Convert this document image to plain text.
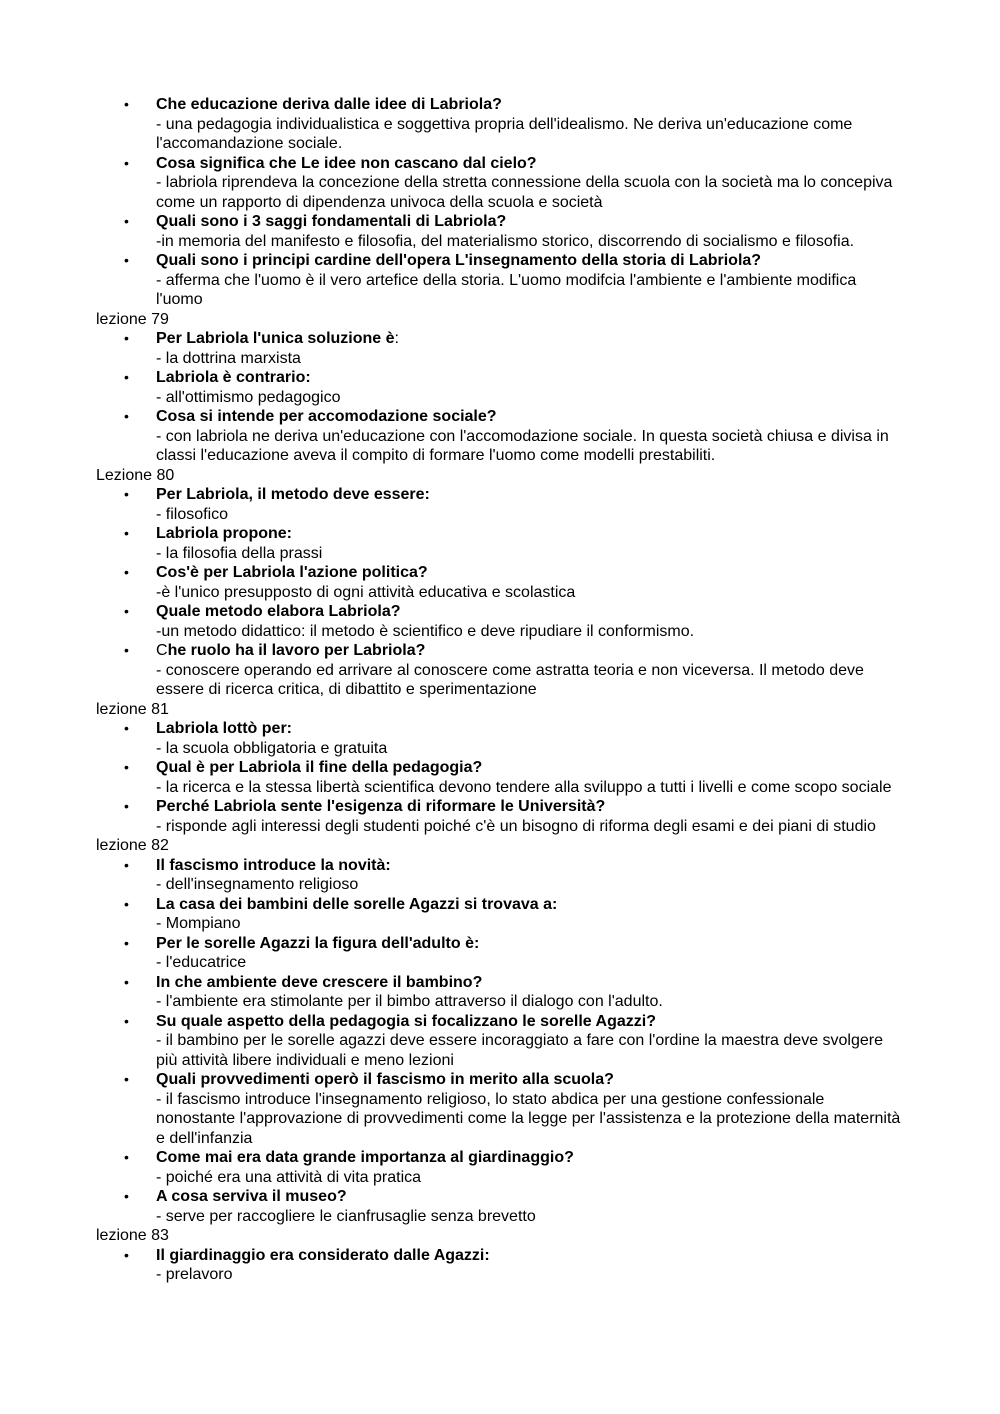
• Che educazione deriva dalle idee di Labriola?
- una pedagogia individualistica e soggettiva propria dell'idealismo. Ne deriva un'educazione come l'accomandazione sociale.
• Cosa significa che Le idee non cascano dal cielo?
- labriola riprendeva la concezione della stretta connessione della scuola con la società ma lo concepiva come un rapporto di dipendenza univoca della scuola e società
• Quali sono i 3 saggi fondamentali di Labriola?
-in memoria del manifesto e filosofia, del materialismo storico, discorrendo di socialismo e filosofia.
• Quali sono i principi cardine dell'opera L'insegnamento della storia di Labriola?
- afferma che l'uomo è il vero artefice della storia. L'uomo modifcia l'ambiente e l'ambiente modifica l'uomo
lezione 79
• Per Labriola l'unica soluzione è:
- la dottrina marxista
• Labriola è contrario:
- all'ottimismo pedagogico
• Cosa si intende per accomodazione sociale?
- con labriola ne deriva un'educazione con l'accomodazione sociale. In questa società chiusa e divisa in classi l'educazione aveva il compito di formare l'uomo come modelli prestabiliti.
Lezione 80
• Per Labriola, il metodo deve essere:
- filosofico
• Labriola propone:
- la filosofia della prassi
• Cos'è per Labriola l'azione politica?
-è l'unico presupposto di ogni attività educativa e scolastica
• Quale metodo elabora Labriola?
-un metodo didattico: il metodo è scientifico e deve ripudiare il conformismo.
• Che ruolo ha il lavoro per Labriola?
- conoscere operando ed arrivare al conoscere come astratta teoria e non viceversa. Il metodo deve essere di ricerca critica, di dibattito e sperimentazione
lezione 81
• Labriola lottò per:
- la scuola obbligatoria e gratuita
• Qual è per Labriola il fine della pedagogia?
- la ricerca e la stessa libertà scientifica devono tendere alla sviluppo a tutti i livelli e come scopo sociale
• Perché Labriola sente l'esigenza di riformare le Università?
- risponde agli interessi degli studenti poiché c'è un bisogno di riforma degli esami e dei piani di studio
lezione 82
• Il fascismo introduce la novità:
- dell'insegnamento religioso
• La casa dei bambini delle sorelle Agazzi si trovava a:
- Mompiano
• Per le sorelle Agazzi la figura dell'adulto è:
- l'educatrice
• In che ambiente deve crescere il bambino?
- l'ambiente era stimolante per il bimbo attraverso il dialogo con l'adulto.
• Su quale aspetto della pedagogia si focalizzano le sorelle Agazzi?
- il bambino per le sorelle agazzi deve essere incoraggiato a fare con l'ordine la maestra deve svolgere più attività libere individuali e meno lezioni
• Quali provvedimenti operò il fascismo in merito alla scuola?
- il fascismo introduce l'insegnamento religioso, lo stato abdica per una gestione confessionale nonostante l'approvazione di provvedimenti come la legge per l'assistenza e la protezione della maternità e dell'infanzia
• Come mai era data grande importanza al giardinaggio?
- poiché era una attività di vita pratica
• A cosa serviva il museo?
- serve per raccogliere le cianfrusaglie senza brevetto
lezione 83
• Il giardinaggio era considerato dalle Agazzi:
- prelavoro
